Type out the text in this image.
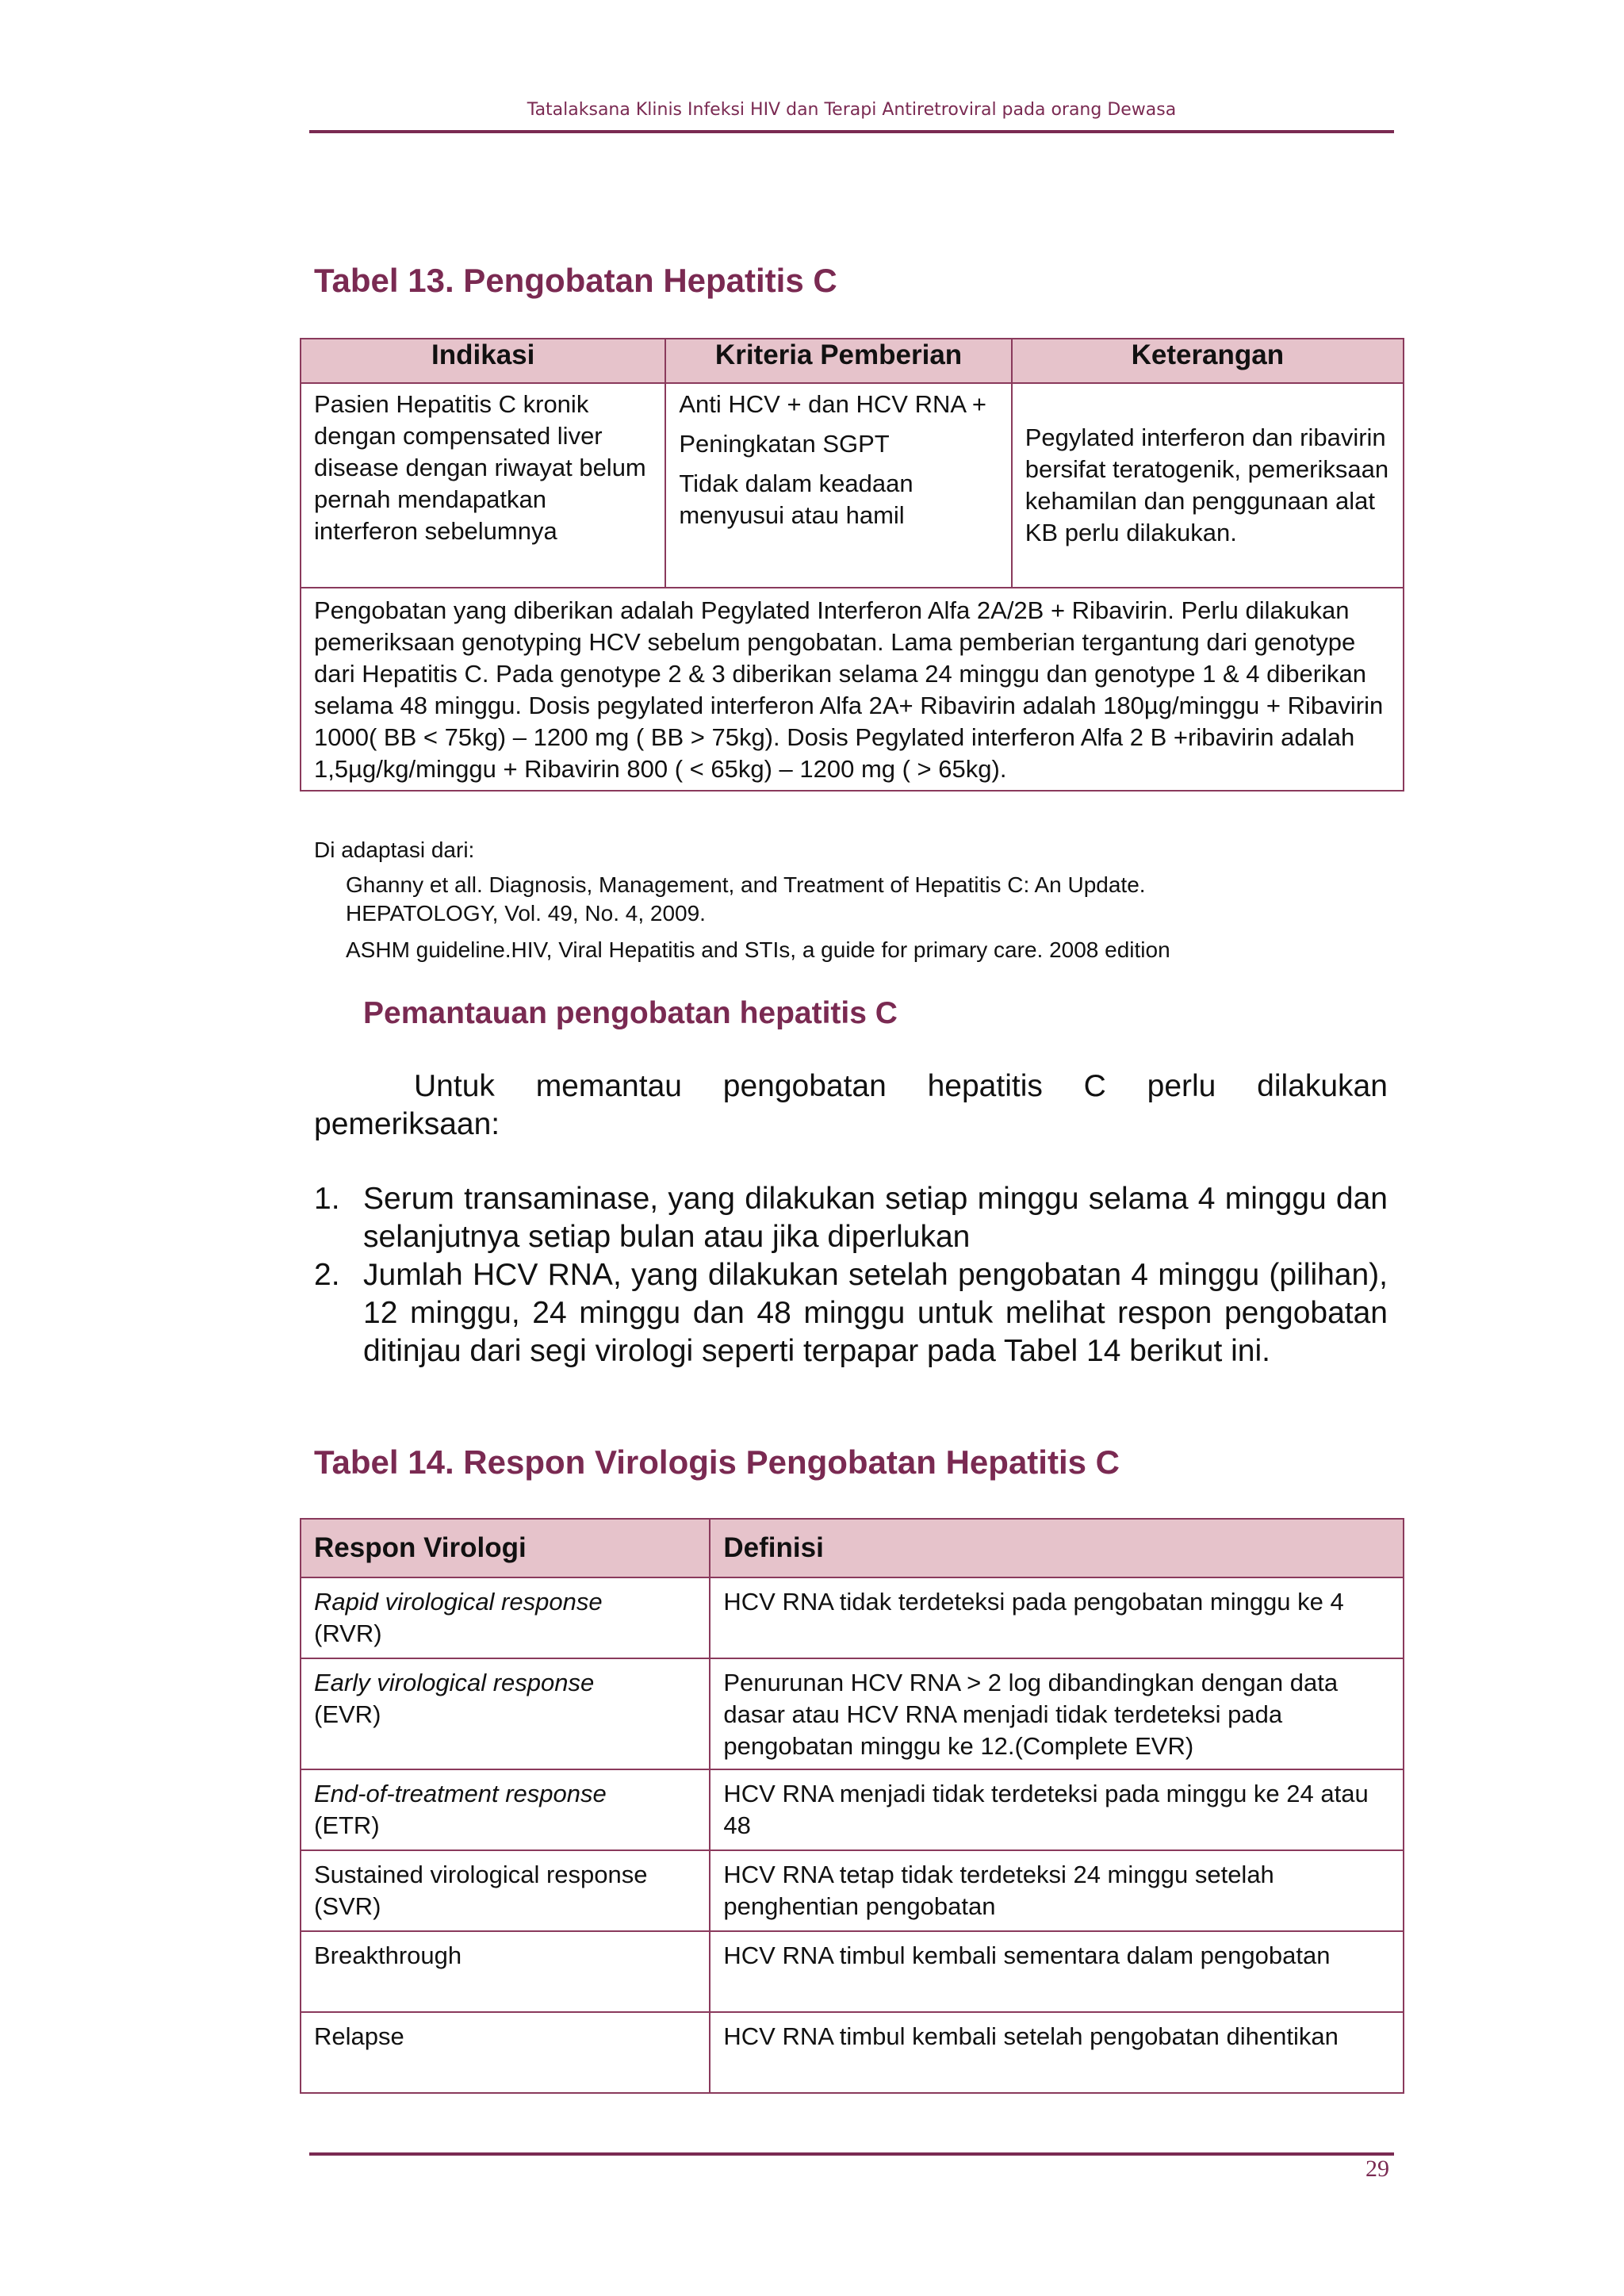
Tatalaksana Klinis Infeksi HIV dan Terapi Antiretroviral pada orang Dewasa
Tabel 13. Pengobatan Hepatitis C
Indikasi	Kriteria Pemberian	Keterangan
Pasien Hepatitis C kronik dengan compensated liver disease dengan riwayat belum pernah mendapatkan interferon sebelumnya	Anti HCV + dan HCV RNA +

Peningkatan SGPT

Tidak dalam keadaan menyusui atau hamil	Pegylated interferon dan ribavirin bersifat teratogenik, pemeriksaan kehamilan dan penggunaan alat KB perlu dilakukan.
Pengobatan yang diberikan adalah Pegylated Interferon Alfa 2A/2B + Ribavirin. Perlu dilakukan pemeriksaan genotyping HCV sebelum pengobatan. Lama pemberian tergantung dari genotype dari Hepatitis C. Pada genotype 2 & 3 diberikan selama 24 minggu dan genotype 1 & 4 diberikan selama 48 minggu. Dosis pegylated interferon Alfa 2A+ Ribavirin adalah 180µg/minggu + Ribavirin 1000( BB < 75kg) – 1200 mg ( BB > 75kg). Dosis Pegylated interferon Alfa 2 B +ribavirin adalah 1,5µg/kg/minggu + Ribavirin 800 ( < 65kg) – 1200 mg ( > 65kg).		
Di adaptasi dari:
Ghanny et all. Diagnosis, Management, and Treatment of Hepatitis C: An Update. HEPATOLOGY, Vol. 49, No. 4, 2009.
ASHM guideline.HIV, Viral Hepatitis and STIs, a guide for primary care. 2008 edition
Pemantauan pengobatan hepatitis C
Untuk memantau pengobatan hepatitis C perlu dilakukan
pemeriksaan:
1. Serum transaminase, yang dilakukan setiap minggu selama 4 minggu dan selanjutnya setiap bulan atau jika diperlukan
2. Jumlah HCV RNA, yang dilakukan setelah pengobatan 4 minggu (pilihan), 12 minggu, 24 minggu dan 48 minggu untuk melihat respon pengobatan ditinjau dari segi virologi seperti terpapar pada Tabel 14 berikut ini.
Tabel 14. Respon Virologis Pengobatan Hepatitis C
Respon Virologi	Definisi
Rapid virological response
(RVR)	HCV RNA tidak terdeteksi pada pengobatan minggu ke 4
Early virological response
(EVR)	Penurunan HCV RNA > 2 log dibandingkan dengan data dasar atau HCV RNA menjadi tidak terdeteksi pada pengobatan minggu ke 12.(Complete EVR)
End-of-treatment response
(ETR)	HCV RNA menjadi tidak terdeteksi pada minggu ke 24 atau 48
Sustained virological response
(SVR)	HCV RNA tetap tidak terdeteksi 24 minggu setelah penghentian pengobatan
Breakthrough	HCV RNA timbul kembali sementara dalam pengobatan
Relapse	HCV RNA timbul kembali setelah pengobatan dihentikan
29
